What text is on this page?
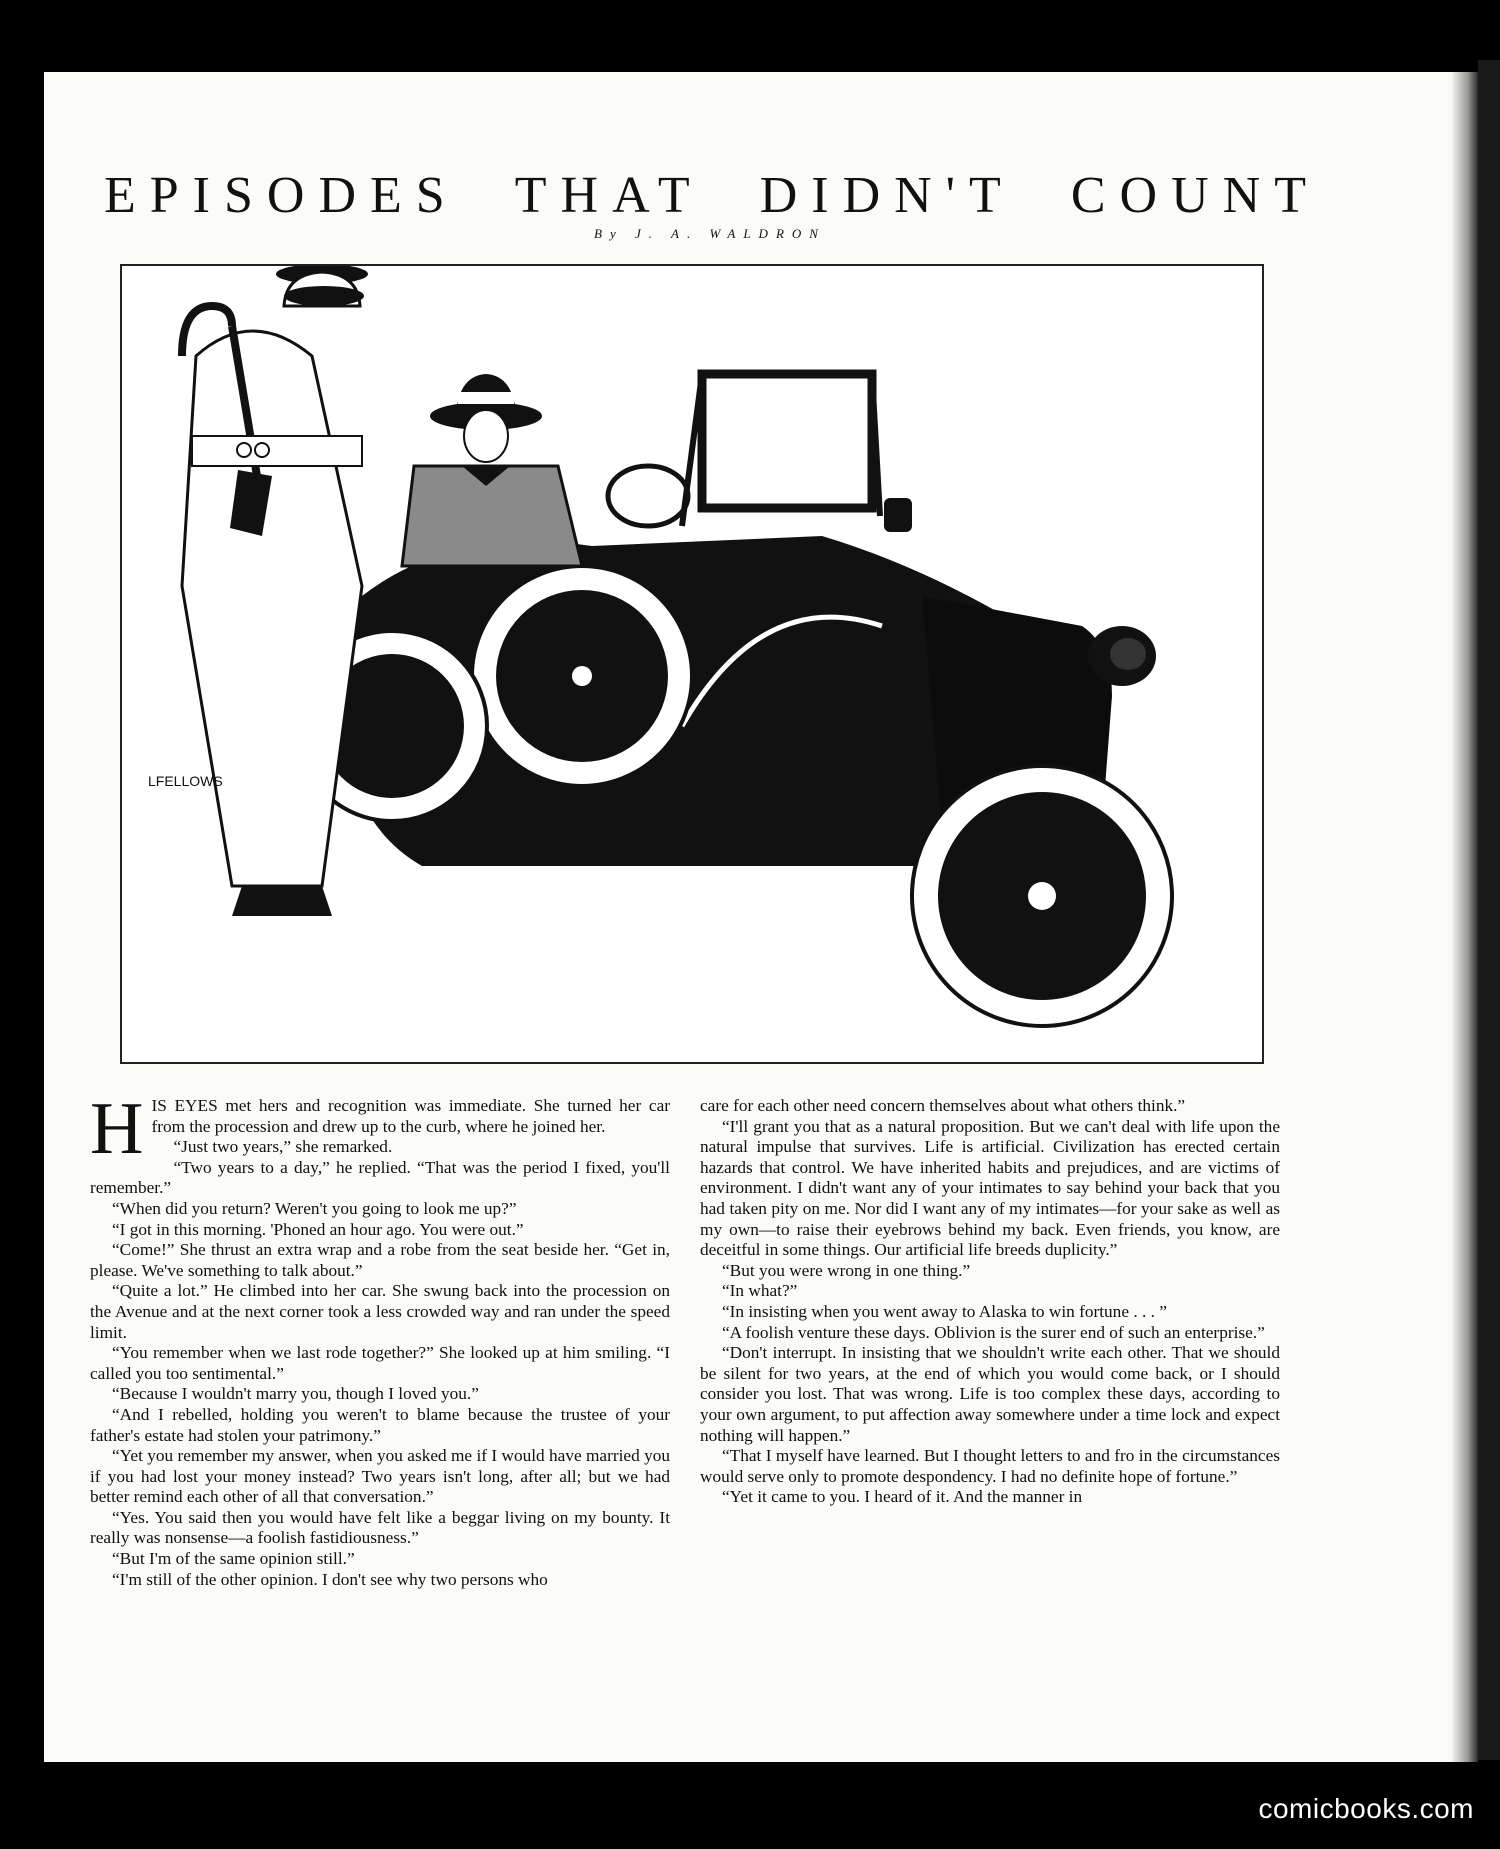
EPISODES THAT DIDN'T COUNT
By J. A. WALDRON
LFELLOWS

HIS EYES met hers and recognition was immediate. She turned her car from the procession and drew up to the curb, where he joined her.

“Just two years,” she remarked.

“Two years to a day,” he replied. “That was the period I fixed, you'll remember.”

“When did you return? Weren't you going to look me up?”

“I got in this morning. 'Phoned an hour ago. You were out.”

“Come!” She thrust an extra wrap and a robe from the seat beside her. “Get in, please. We've something to talk about.”

“Quite a lot.” He climbed into her car. She swung back into the procession on the Avenue and at the next corner took a less crowded way and ran under the speed limit.

“You remember when we last rode together?” She looked up at him smiling. “I called you too sentimental.”

“Because I wouldn't marry you, though I loved you.”

“And I rebelled, holding you weren't to blame because the trustee of your father's estate had stolen your patrimony.”

“Yet you remember my answer, when you asked me if I would have married you if you had lost your money instead? Two years isn't long, after all; but we had better remind each other of all that conversation.”

“Yes. You said then you would have felt like a beggar living on my bounty. It really was nonsense—a foolish fastidiousness.”

“But I'm of the same opinion still.”

“I'm still of the other opinion. I don't see why two persons who

care for each other need concern themselves about what others think.”

“I'll grant you that as a natural proposition. But we can't deal with life upon the natural impulse that survives. Life is artificial. Civilization has erected certain hazards that control. We have inherited habits and prejudices, and are victims of environment. I didn't want any of your intimates to say behind your back that you had taken pity on me. Nor did I want any of my intimates—for your sake as well as my own—to raise their eyebrows behind my back. Even friends, you know, are deceitful in some things. Our artificial life breeds duplicity.”

“But you were wrong in one thing.”

“In what?”

“In insisting when you went away to Alaska to win fortune . . . ”

“A foolish venture these days. Oblivion is the surer end of such an enterprise.”

“Don't interrupt. In insisting that we shouldn't write each other. That we should be silent for two years, at the end of which you would come back, or I should consider you lost. That was wrong. Life is too complex these days, according to your own argument, to put affection away somewhere under a time lock and expect nothing will happen.”

“That I myself have learned. But I thought letters to and fro in the circumstances would serve only to promote despondency. I had no definite hope of fortune.”

“Yet it came to you. I heard of it. And the manner in

comicbooks.com
